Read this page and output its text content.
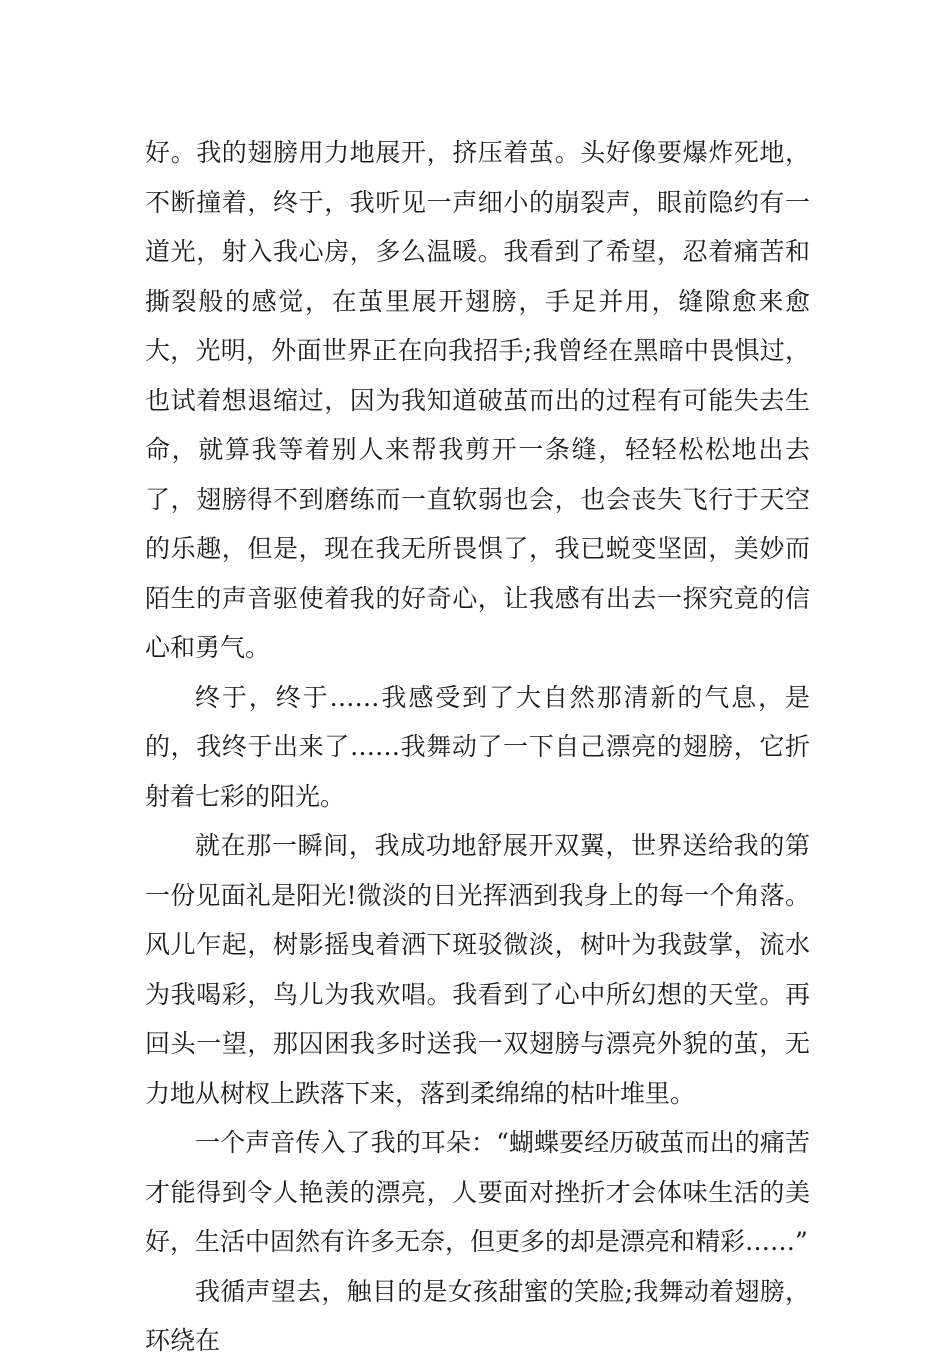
好。我的翅膀用力地展开，挤压着茧。头好像要爆炸死地，不断撞着，终于，我听见一声细小的崩裂声，眼前隐约有一道光，射入我心房，多么温暖。我看到了希望，忍着痛苦和撕裂般的感觉，在茧里展开翅膀，手足并用，缝隙愈来愈大，光明，外面世界正在向我招手;我曾经在黑暗中畏惧过，也试着想退缩过，因为我知道破茧而出的过程有可能失去生命，就算我等着别人来帮我剪开一条缝，轻轻松松地出去了，翅膀得不到磨练而一直软弱也会，也会丧失飞行于天空的乐趣，但是，现在我无所畏惧了，我已蜕变坚固，美妙而陌生的声音驱使着我的好奇心，让我感有出去一探究竟的信心和勇气。

终于，终于……我感受到了大自然那清新的气息，是的，我终于出来了……我舞动了一下自己漂亮的翅膀，它折射着七彩的阳光。

就在那一瞬间，我成功地舒展开双翼，世界送给我的第一份见面礼是阳光!微淡的日光挥洒到我身上的每一个角落。风儿乍起，树影摇曳着洒下斑驳微淡，树叶为我鼓掌，流水为我喝彩，鸟儿为我欢唱。我看到了心中所幻想的天堂。再回头一望，那囚困我多时送我一双翅膀与漂亮外貌的茧，无力地从树杈上跌落下来，落到柔绵绵的枯叶堆里。

一个声音传入了我的耳朵：“蝴蝶要经历破茧而出的痛苦才能得到令人艳羡的漂亮，人要面对挫折才会体味生活的美好，生活中固然有许多无奈，但更多的却是漂亮和精彩……”

我循声望去，触目的是女孩甜蜜的笑脸;我舞动着翅膀，环绕在
